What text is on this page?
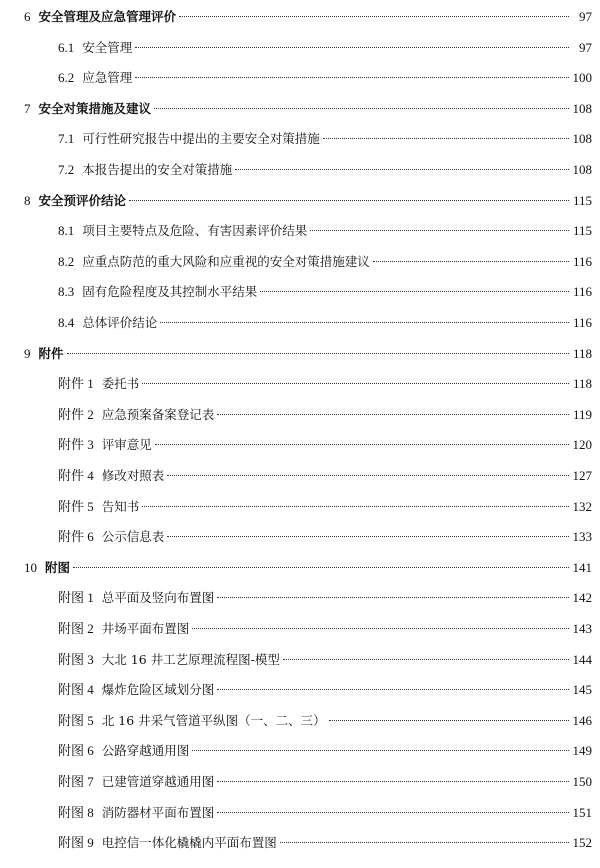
6 安全管理及应急管理评价	97
6.1 安全管理	97
6.2 应急管理	100
7 安全对策措施及建议	108
7.1 可行性研究报告中提出的主要安全对策措施	108
7.2 本报告提出的安全对策措施	108
8 安全预评价结论	115
8.1 项目主要特点及危险、有害因素评价结果	115
8.2 应重点防范的重大风险和应重视的安全对策措施建议	116
8.3 固有危险程度及其控制水平结果	116
8.4 总体评价结论	116
9 附件	118
附件 1 委托书	118
附件 2 应急预案备案登记表	119
附件 3 评审意见	120
附件 4 修改对照表	127
附件 5 告知书	132
附件 6 公示信息表	133
10 附图	141
附图 1 总平面及竖向布置图	142
附图 2 井场平面布置图	143
附图 3 大北 16 井工艺原理流程图-模型	144
附图 4 爆炸危险区域划分图	145
附图 5 北 16 井采气管道平纵图（一、二、三）	146
附图 6 公路穿越通用图	149
附图 7 已建管道穿越通用图	150
附图 8 消防器材平面布置图	151
附图 9 电控信一体化橇橇内平面布置图	152
